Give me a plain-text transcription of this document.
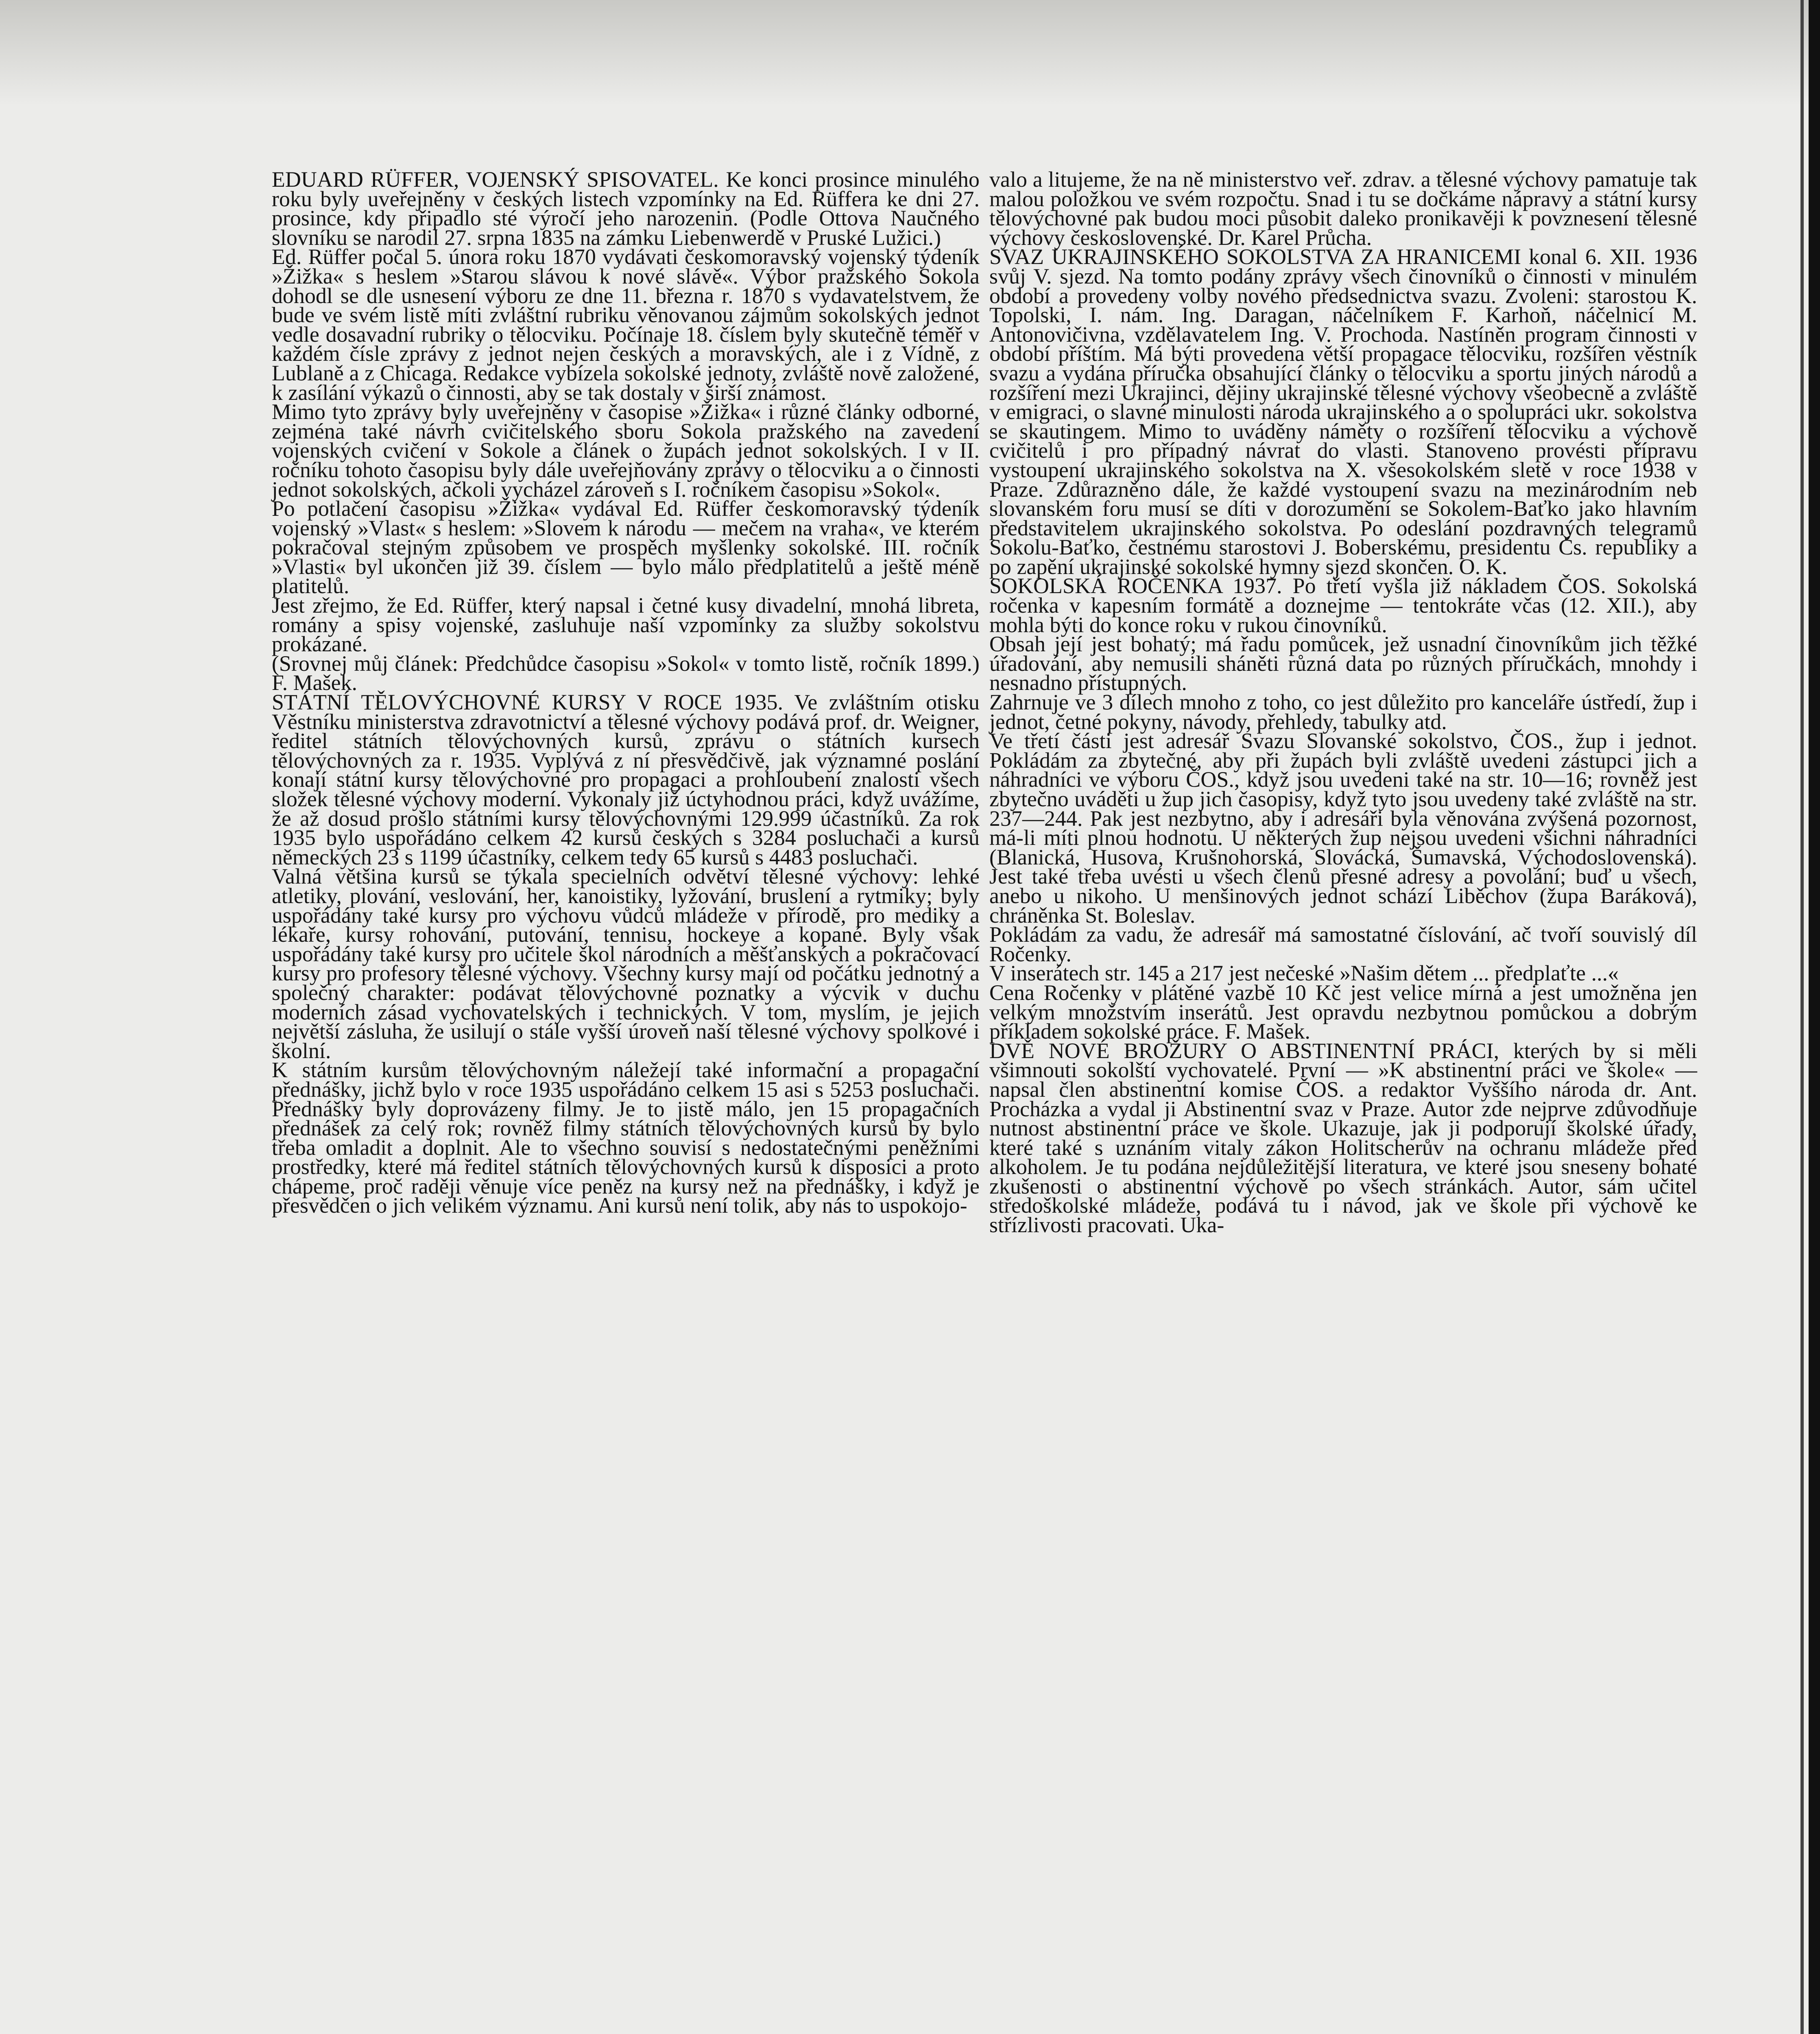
EDUARD RÜFFER, VOJENSKÝ SPISOVATEL. Ke konci prosince minulého roku byly uveřejněny v českých listech vzpomínky na Ed. Rüffera ke dni 27. prosince, kdy připadlo sté výročí jeho narozenin. (Podle Ottova Naučného slovníku se narodil 27. srpna 1835 na zámku Liebenwerdě v Pruské Lužici.)

Ed. Rüffer počal 5. února roku 1870 vydávati českomoravský vojenský týdeník »Žižka« s heslem »Starou slávou k nové slávě«. Výbor pražského Sokola dohodl se dle usnesení výboru ze dne 11. března r. 1870 s vydavatelstvem, že bude ve svém listě míti zvláštní rubriku věnovanou zájmům sokolských jednot vedle dosavadní rubriky o tělocviku. Počínaje 18. číslem byly skutečně téměř v každém čísle zprávy z jednot nejen českých a moravských, ale i z Vídně, z Lublaně a z Chicaga. Redakce vybízela sokolské jednoty, zvláště nově založené, k zasílání výkazů o činnosti, aby se tak dostaly v širší známost.

Mimo tyto zprávy byly uveřejněny v časopise »Žižka« i různé články odborné, zejména také návrh cvičitelského sboru Sokola pražského na zavedení vojenských cvičení v Sokole a článek o župách jednot sokolských. I v II. ročníku tohoto časopisu byly dále uveřejňovány zprávy o tělocviku a o činnosti jednot sokolských, ačkoli vycházel zároveň s I. ročníkem časopisu »Sokol«.

Po potlačení časopisu »Žižka« vydával Ed. Rüffer českomoravský týdeník vojenský »Vlast« s heslem: »Slovem k národu — mečem na vraha«, ve kterém pokračoval stejným způsobem ve prospěch myšlenky sokolské. III. ročník »Vlasti« byl ukončen již 39. číslem — bylo málo předplatitelů a ještě méně platitelů.

Jest zřejmo, že Ed. Rüffer, který napsal i četné kusy divadelní, mnohá libreta, romány a spisy vojenské, zasluhuje naší vzpomínky za služby sokolstvu prokázané.

(Srovnej můj článek: Předchůdce časopisu »Sokol« v tomto listě, ročník 1899.) F. Mašek.

STÁTNÍ TĚLOVÝCHOVNÉ KURSY V ROCE 1935. Ve zvláštním otisku Věstníku ministerstva zdravotnictví a tělesné výchovy podává prof. dr. Weigner, ředitel státních tělovýchovných kursů, zprávu o státních kursech tělovýchovných za r. 1935. Vyplývá z ní přesvědčivě, jak významné poslání konají státní kursy tělovýchovné pro propagaci a prohloubení znalosti všech složek tělesné výchovy moderní. Vykonaly již úctyhodnou práci, když uvážíme, že až dosud prošlo státními kursy tělovýchovnými 129.999 účastníků. Za rok 1935 bylo uspořádáno celkem 42 kursů českých s 3284 posluchači a kursů německých 23 s 1199 účastníky, celkem tedy 65 kursů s 4483 posluchači.

Valná většina kursů se týkala specielních odvětví tělesné výchovy: lehké atletiky, plování, veslování, her, kanoistiky, lyžování, bruslení a rytmiky; byly uspořádány také kursy pro výchovu vůdců mládeže v přírodě, pro mediky a lékaře, kursy rohování, putování, tennisu, hockeye a kopané. Byly však uspořádány také kursy pro učitele škol národních a měšťanských a pokračovací kursy pro profesory tělesné výchovy. Všechny kursy mají od počátku jednotný a společný charakter: podávat tělovýchovné poznatky a výcvik v duchu moderních zásad vychovatelských i technických. V tom, myslím, je jejich největší zásluha, že usilují o stále vyšší úroveň naší tělesné výchovy spolkové i školní.

K státním kursům tělovýchovným náležejí také informační a propagační přednášky, jichž bylo v roce 1935 uspořádáno celkem 15 asi s 5253 posluchači. Přednášky byly doprovázeny filmy. Je to jistě málo, jen 15 propagačních přednášek za celý rok; rovněž filmy státních tělovýchovných kursů by bylo třeba omladit a doplnit. Ale to všechno souvisí s nedostatečnými peněžními prostředky, které má ředitel státních tělovýchovných kursů k disposici a proto chápeme, proč raději věnuje více peněz na kursy než na přednášky, i když je přesvědčen o jich velikém významu. Ani kursů není tolik, aby nás to uspokojo-

valo a litujeme, že na ně ministerstvo veř. zdrav. a tělesné výchovy pamatuje tak malou položkou ve svém rozpočtu. Snad i tu se dočkáme nápravy a státní kursy tělovýchovné pak budou moci působit daleko pronikavěji k povznesení tělesné výchovy československé. Dr. Karel Průcha.

SVAZ UKRAJINSKÉHO SOKOLSTVA ZA HRANICEMI konal 6. XII. 1936 svůj V. sjezd. Na tomto podány zprávy všech činovníků o činnosti v minulém období a provedeny volby nového předsednictva svazu. Zvoleni: starostou K. Topolski, I. nám. Ing. Daragan, náčelníkem F. Karhoň, náčelnicí M. Antonovičivna, vzdělavatelem Ing. V. Prochoda. Nastíněn program činnosti v období příštím. Má býti provedena větší propagace tělocviku, rozšířen věstník svazu a vydána příručka obsahující články o tělocviku a sportu jiných národů a rozšíření mezi Ukrajinci, dějiny ukrajinské tělesné výchovy všeobecně a zvláště v emigraci, o slavné minulosti národa ukrajinského a o spolupráci ukr. sokolstva se skautingem. Mimo to uváděny náměty o rozšíření tělocviku a výchově cvičitelů i pro případný návrat do vlasti. Stanoveno provésti přípravu vystoupení ukrajinského sokolstva na X. všesokolském sletě v roce 1938 v Praze. Zdůrazněno dále, že každé vystoupení svazu na mezinárodním neb slovanském foru musí se díti v dorozumění se Sokolem-Baťko jako hlavním představitelem ukrajinského sokolstva. Po odeslání pozdravných telegramů Sokolu-Baťko, čestnému starostovi J. Boberskému, presidentu Čs. republiky a po zapění ukrajinské sokolské hymny sjezd skončen. O. K.

SOKOLSKÁ ROČENKA 1937. Po třetí vyšla již nákladem ČOS. Sokolská ročenka v kapesním formátě a doznejme — tentokráte včas (12. XII.), aby mohla býti do konce roku v rukou činovníků.

Obsah její jest bohatý; má řadu pomůcek, jež usnadní činovníkům jich těžké úřadování, aby nemusili sháněti různá data po různých příručkách, mnohdy i nesnadno přístupných.

Zahrnuje ve 3 dílech mnoho z toho, co jest důležito pro kanceláře ústředí, žup i jednot, četné pokyny, návody, přehledy, tabulky atd.

Ve třetí části jest adresář Svazu Slovanské sokolstvo, ČOS., žup i jednot. Pokládám za zbytečné, aby při župách byli zvláště uvedeni zástupci jich a náhradníci ve výboru ČOS., když jsou uvedeni také na str. 10—16; rovněž jest zbytečno uváděti u žup jich časopisy, když tyto jsou uvedeny také zvláště na str. 237—244. Pak jest nezbytno, aby i adresáři byla věnována zvýšená pozornost, má-li míti plnou hodnotu. U některých žup nejsou uvedeni všichni náhradníci (Blanická, Husova, Krušnohorská, Slovácká, Šumavská, Východoslovenská). Jest také třeba uvésti u všech členů přesné adresy a povolání; buď u všech, anebo u nikoho. U menšinových jednot schází Liběchov (župa Baráková), chráněnka St. Boleslav.

Pokládám za vadu, že adresář má samostatné číslování, ač tvoří souvislý díl Ročenky.

V inserátech str. 145 a 217 jest nečeské »Našim dětem ... předplaťte ...«

Cena Ročenky v plátěné vazbě 10 Kč jest velice mírná a jest umožněna jen velkým množstvím inserátů. Jest opravdu nezbytnou pomůckou a dobrým příkladem sokolské práce. F. Mašek.

DVĚ NOVÉ BROŽURY O ABSTINENTNÍ PRÁCI, kterých by si měli všimnouti sokolští vychovatelé. První — »K abstinentní práci ve škole« — napsal člen abstinentní komise ČOS. a redaktor Vyššího národa dr. Ant. Procházka a vydal ji Abstinentní svaz v Praze. Autor zde nejprve zdůvodňuje nutnost abstinentní práce ve škole. Ukazuje, jak ji podporují školské úřady, které také s uznáním vitaly zákon Holitscherův na ochranu mládeže před alkoholem. Je tu podána nejdůležitější literatura, ve které jsou sneseny bohaté zkušenosti o abstinentní výchově po všech stránkách. Autor, sám učitel středoškolské mládeže, podává tu i návod, jak ve škole při výchově ke střízlivosti pracovati. Uka-
